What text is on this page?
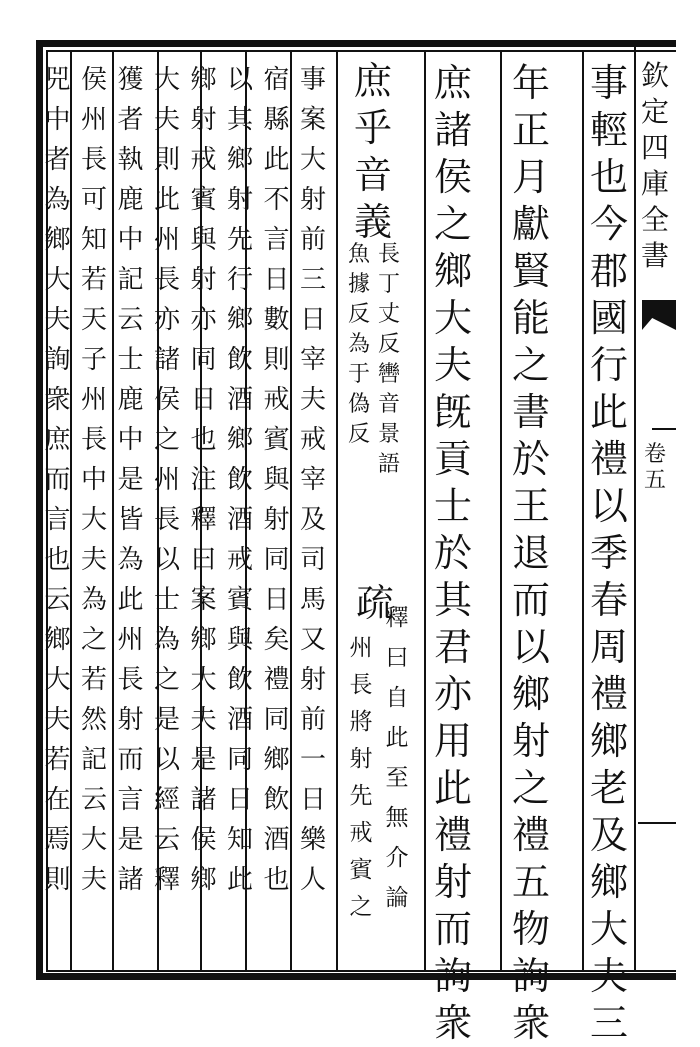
欽
定
四
庫
全
書
卷
五
事
輕
也
今
郡
國
行
此
禮
以
季
春
周
禮
鄉
老
及
鄉
大
夫
三
年
正
月
獻
賢
能
之
書
於
王
退
而
以
鄉
射
之
禮
五
物
詢
衆
庶
諸
侯
之
鄉
大
夫
旣
貢
士
於
其
君
亦
用
此
禮
射
而
詢
衆
庶
乎
音
義
長
丁
丈
反
轡
音
景
語
魚
據
反
為
于
偽
反
疏
釋
曰
自
此
至
無
介
論
州
長
將
射
先
戒
賓
之
事
案
大
射
前
三
日
宰
夫
戒
宰
及
司
馬
又
射
前
一
日
樂
人
宿
縣
此
不
言
日
數
則
戒
賓
與
射
同
日
矣
禮
同
鄉
飲
酒
也
以
其
鄉
射
先
行
鄉
飲
酒
鄉
飲
酒
戒
賓
與
飲
酒
同
日
知
此
鄉
射
戒
賓
與
射
亦
同
日
也
注
釋
曰
案
鄉
大
夫
是
諸
侯
鄉
大
夫
則
此
州
長
亦
諸
侯
之
州
長
以
士
為
之
是
以
經
云
釋
獲
者
執
鹿
中
記
云
士
鹿
中
是
皆
為
此
州
長
射
而
言
是
諸
侯
州
長
可
知
若
天
子
州
長
中
大
夫
為
之
若
然
記
云
大
夫
兕
中
者
為
鄉
大
夫
詢
衆
庶
而
言
也
云
鄉
大
夫
若
在
焉
則
